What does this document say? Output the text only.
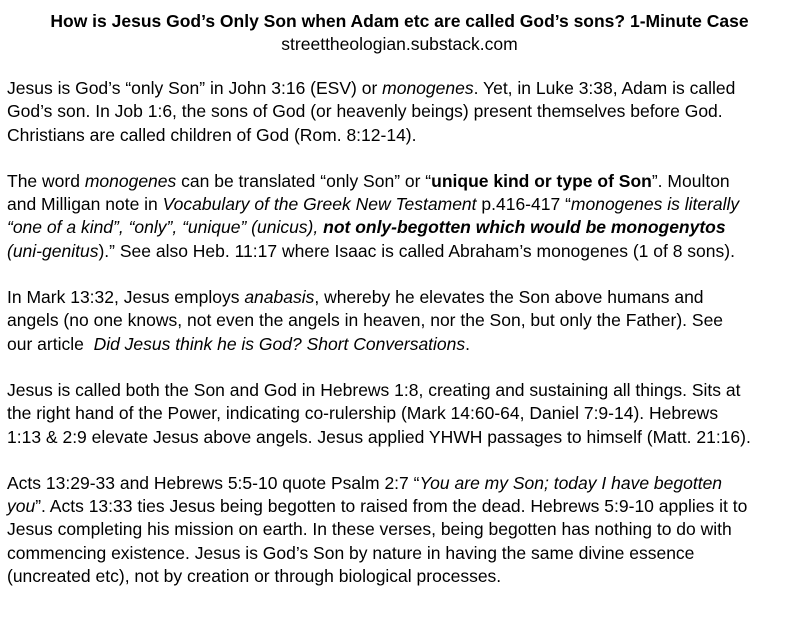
How is Jesus God’s Only Son when Adam etc are called God’s sons? 1-Minute Case
streettheologian.substack.com
Jesus is God’s “only Son” in John 3:16 (ESV) or monogenes. Yet, in Luke 3:38, Adam is called
God’s son. In Job 1:6, the sons of God (or heavenly beings) present themselves before God.
Christians are called children of God (Rom. 8:12-14).
The word monogenes can be translated “only Son” or “unique kind or type of Son”. Moulton
and Milligan note in Vocabulary of the Greek New Testament p.416-417 “monogenes is literally
“one of a kind”, “only”, “unique” (unicus), not only-begotten which would be monogenytos
(uni-genitus).” See also Heb. 11:17 where Isaac is called Abraham’s monogenes (1 of 8 sons).
In Mark 13:32, Jesus employs anabasis, whereby he elevates the Son above humans and
angels (no one knows, not even the angels in heaven, nor the Son, but only the Father). See
our article  Did Jesus think he is God? Short Conversations.
Jesus is called both the Son and God in Hebrews 1:8, creating and sustaining all things. Sits at
the right hand of the Power, indicating co-rulership (Mark 14:60-64, Daniel 7:9-14). Hebrews
1:13 & 2:9 elevate Jesus above angels. Jesus applied YHWH passages to himself (Matt. 21:16).
Acts 13:29-33 and Hebrews 5:5-10 quote Psalm 2:7 “You are my Son; today I have begotten
you”. Acts 13:33 ties Jesus being begotten to raised from the dead. Hebrews 5:9-10 applies it to
Jesus completing his mission on earth. In these verses, being begotten has nothing to do with
commencing existence. Jesus is God’s Son by nature in having the same divine essence
(uncreated etc), not by creation or through biological processes.
